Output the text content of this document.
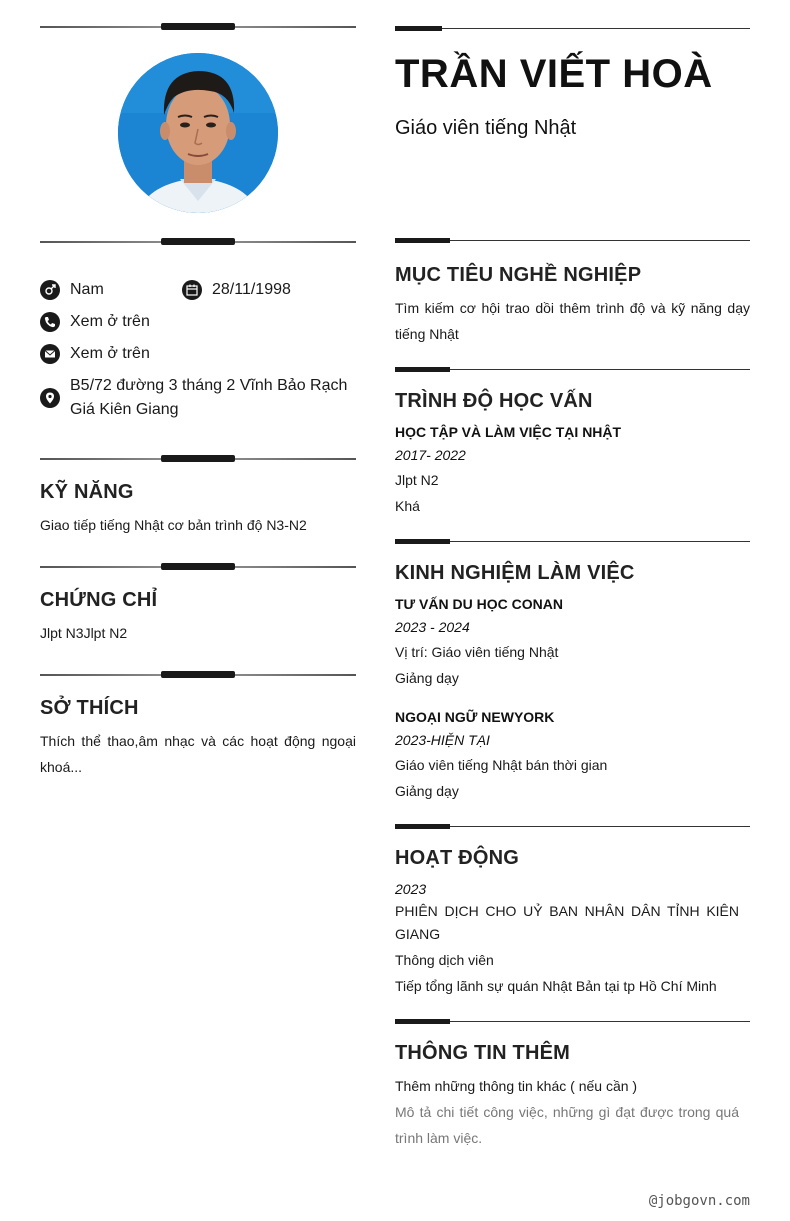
Nam	28/11/1998
Xem ở trên
Xem ở trên
B5/72 đường 3 tháng 2 Vĩnh Bảo Rạch Giá Kiên Giang
KỸ NĂNG
Giao tiếp tiếng Nhật cơ bản trình độ N3-N2
CHỨNG CHỈ
Jlpt N3Jlpt N2
SỞ THÍCH
Thích thể thao,âm nhạc và các hoạt động ngoại khoá...
TRẦN VIẾT HOÀ
Giáo viên tiếng Nhật
MỤC TIÊU NGHỀ NGHIỆP
Tìm kiếm cơ hội trao dồi thêm trình độ và kỹ năng dạy tiếng Nhật
TRÌNH ĐỘ HỌC VẤN
HỌC TẬP VÀ LÀM VIỆC TẠI NHẬT
2017- 2022
Jlpt N2
Khá
KINH NGHIỆM LÀM VIỆC
TƯ VẤN DU HỌC CONAN
2023 - 2024
Vị trí: Giáo viên tiếng Nhật
Giảng dạy
NGOẠI NGỮ NEWYORK
2023-HIỆN TẠI
Giáo viên tiếng Nhật bán thời gian
Giảng dạy
HOẠT ĐỘNG
2023
PHIÊN DỊCH CHO UỶ BAN NHÂN DÂN TỈNH KIÊN GIANG
Thông dịch viên
Tiếp tổng lãnh sự quán Nhật Bản tại tp Hồ Chí Minh
THÔNG TIN THÊM
Thêm những thông tin khác ( nếu cần )
Mô tả chi tiết công việc, những gì đạt được trong quá trình làm việc.
@jobgovn.com
